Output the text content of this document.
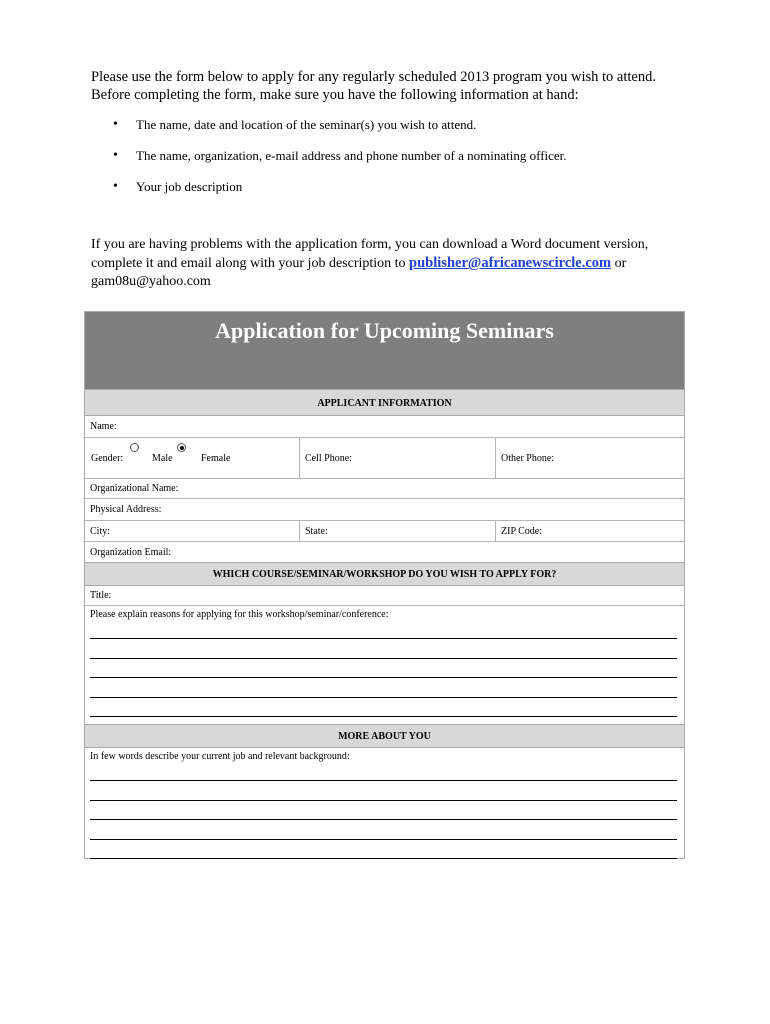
Please use the form below to apply for any regularly scheduled 2013 program you wish to attend.

Before completing the form, make sure you have the following information at hand:

• The name, date and location of the seminar(s) you wish to attend.
• The name, organization, e-mail address and phone number of a nominating officer.
• Your job description

If you are having problems with the application form, you can download a Word document version,

complete it and email along with your job description to publisher@africanewscircle.com or

gam08u@yahoo.com

Application for Upcoming Seminars
APPLICANT INFORMATION
Name:
Gender:	Male	Female	Cell Phone:	Other Phone:
Organizational Name:
Physical Address:
City:	State:	ZIP Code:
Organization Email:
WHICH COURSE/SEMINAR/WORKSHOP DO YOU WISH TO APPLY FOR?
Title:
Please explain reasons for applying for this workshop/seminar/conference:
MORE ABOUT YOU
In few words describe your current job and relevant background:
